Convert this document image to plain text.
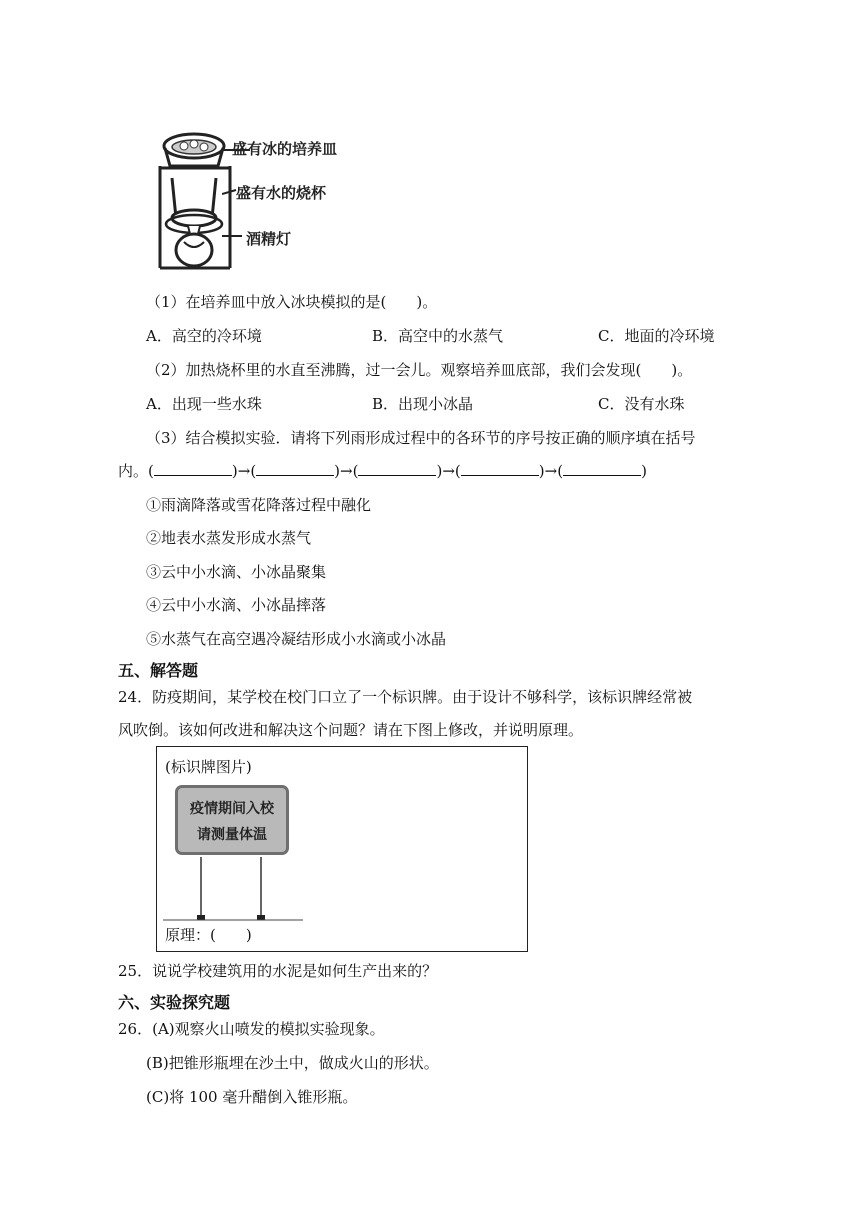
盛有冰的培养皿
盛有水的烧杯
酒精灯
（1）在培养皿中放入冰块模拟的是(　　)。
A．高空的冷环境	B．高空中的水蒸气	C．地面的冷环境
（2）加热烧杯里的水直至沸腾，过一会儿。观察培养皿底部，我们会发现(　　)。
A．出现一些水珠	B．出现小冰晶	C．没有水珠
（3）结合模拟实验．请将下列雨形成过程中的各环节的序号按正确的顺序填在括号
内。(	)→(	)→(	)→(	)→(	)
①雨滴降落或雪花降落过程中融化
②地表水蒸发形成水蒸气
③云中小水滴、小冰晶聚集
④云中小水滴、小冰晶摔落
⑤水蒸气在高空遇冷凝结形成小水滴或小冰晶
五、解答题
24．防疫期间，某学校在校门口立了一个标识牌。由于设计不够科学，该标识牌经常被
风吹倒。该如何改进和解决这个问题？请在下图上修改，并说明原理。
(标识牌图片)
疫情期间入校
请测量体温
原理：(　　)
25．说说学校建筑用的水泥是如何生产出来的？
六、实验探究题
26．(A)观察火山喷发的模拟实验现象。
(B)把锥形瓶埋在沙土中，做成火山的形状。
(C)将 100 毫升醋倒入锥形瓶。
